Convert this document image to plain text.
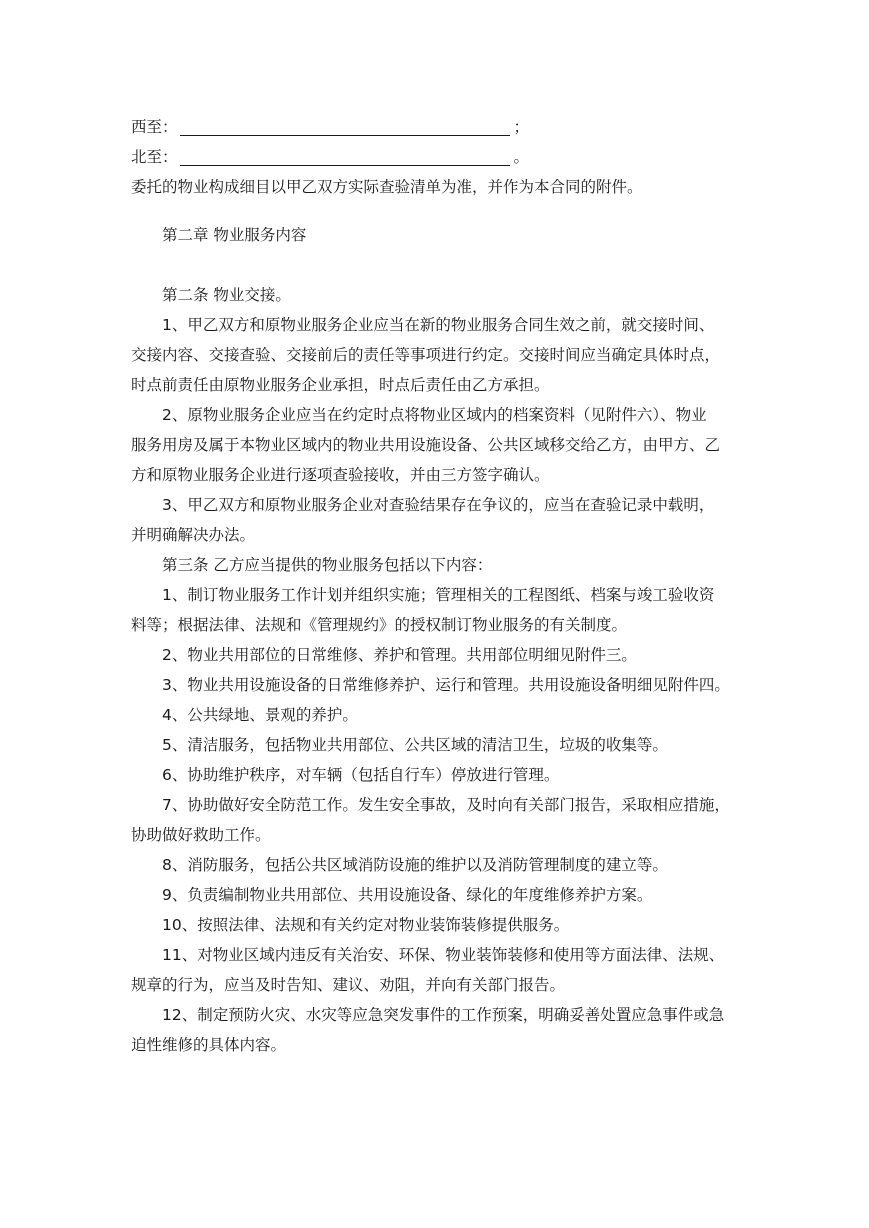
西至：	；
北至：	。
委托的物业构成细目以甲乙双方实际查验清单为准，并作为本合同的附件。
第二章 物业服务内容
第二条 物业交接。
1、甲乙双方和原物业服务企业应当在新的物业服务合同生效之前，就交接时间、
交接内容、交接查验、交接前后的责任等事项进行约定。交接时间应当确定具体时点，
时点前责任由原物业服务企业承担，时点后责任由乙方承担。
2、原物业服务企业应当在约定时点将物业区域内的档案资料（见附件六）、物业
服务用房及属于本物业区域内的物业共用设施设备、公共区域移交给乙方，由甲方、乙
方和原物业服务企业进行逐项查验接收，并由三方签字确认。
3、甲乙双方和原物业服务企业对查验结果存在争议的，应当在查验记录中载明，
并明确解决办法。
第三条 乙方应当提供的物业服务包括以下内容：
1、制订物业服务工作计划并组织实施；管理相关的工程图纸、档案与竣工验收资
料等；根据法律、法规和《管理规约》的授权制订物业服务的有关制度。
2、物业共用部位的日常维修、养护和管理。共用部位明细见附件三。
3、物业共用设施设备的日常维修养护、运行和管理。共用设施设备明细见附件四。
4、公共绿地、景观的养护。
5、清洁服务，包括物业共用部位、公共区域的清洁卫生，垃圾的收集等。
6、协助维护秩序，对车辆（包括自行车）停放进行管理。
7、协助做好安全防范工作。发生安全事故，及时向有关部门报告，采取相应措施，
协助做好救助工作。
8、消防服务，包括公共区域消防设施的维护以及消防管理制度的建立等。
9、负责编制物业共用部位、共用设施设备、绿化的年度维修养护方案。
10、按照法律、法规和有关约定对物业装饰装修提供服务。
11、对物业区域内违反有关治安、环保、物业装饰装修和使用等方面法律、法规、
规章的行为，应当及时告知、建议、劝阻，并向有关部门报告。
12、制定预防火灾、水灾等应急突发事件的工作预案，明确妥善处置应急事件或急
迫性维修的具体内容。
